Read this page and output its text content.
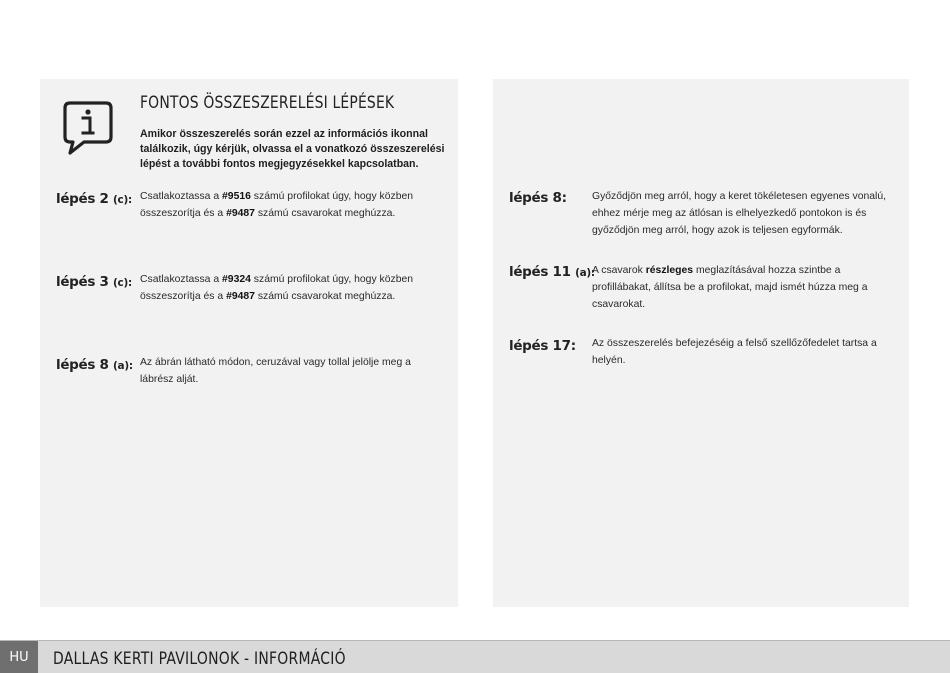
FONTOS ÖSSZESZERELÉSI LÉPÉSEK
Amikor összeszerelés során ezzel az információs ikonnal találkozik, úgy kérjük, olvassa el a vonatkozó összeszerelési lépést a további fontos megjegyzésekkel kapcsolatban.
lépés 2 (c): Csatlakoztassa a #9516 számú profilokat úgy, hogy közben összeszorítja és a #9487 számú csavarokat meghúzza.
lépés 3 (c): Csatlakoztassa a #9324 számú profilokat úgy, hogy közben összeszorítja és a #9487 számú csavarokat meghúzza.
lépés 8 (a): Az ábrán látható módon, ceruzával vagy tollal jelölje meg a lábrész alját.
lépés 8: Győződjön meg arról, hogy a keret tökéletesen egyenes vonalú, ehhez mérje meg az átlósan is elhelyezkedő pontokon is és győződjön meg arról, hogy azok is teljesen egyformák.
lépés 11 (a):
A csavarok részleges meglazításával hozza szintbe a profillábakat, állítsa be a profilokat, majd ismét húzza meg a csavarokat.
lépés 17: Az összeszerelés befejezéséig a felső szellőzőfedelet tartsa a helyén.
HU	DALLAS KERTI PAVILONOK - INFORMÁCIÓ
